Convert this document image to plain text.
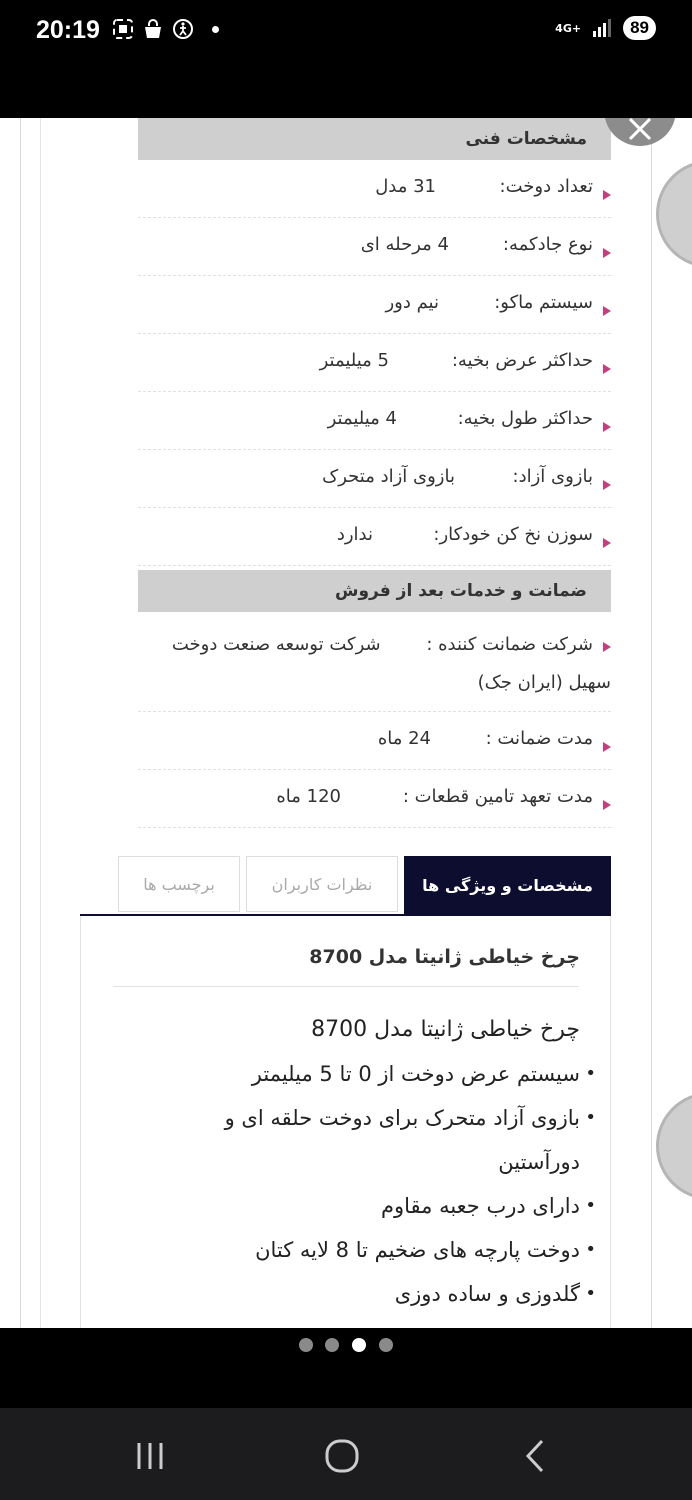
20:19	4G+	89
مشخصات فنی
تعداد دوخت:
31 مدل
نوع جادکمه:
4 مرحله ای
سیستم ماکو:
نیم دور
حداکثر عرض بخیه:
5 میلیمتر
حداکثر طول بخیه:
4 میلیمتر
بازوی آزاد:
بازوی آزاد متحرک
سوزن نخ کن خودکار:
ندارد
ضمانت و خدمات بعد از فروش
شرکت ضمانت کننده : شرکت توسعه صنعت دوخت سهیل (ایران جک)
مدت ضمانت :
24 ماه
مدت تعهد تامین قطعات :
120 ماه
مشخصات و ویژگی ها
نظرات کاربران
برچسب ها
چرخ خیاطی ژانیتا مدل 8700
چرخ خیاطی ژانیتا مدل 8700
• سیستم عرض دوخت از 0 تا 5 میلیمتر
• بازوی آزاد متحرک برای دوخت حلقه ای و دورآستین
• دارای درب جعبه مقاوم
• دوخت پارچه های ضخیم تا 8 لایه کتان
• گلدوزی و ساده دوزی
